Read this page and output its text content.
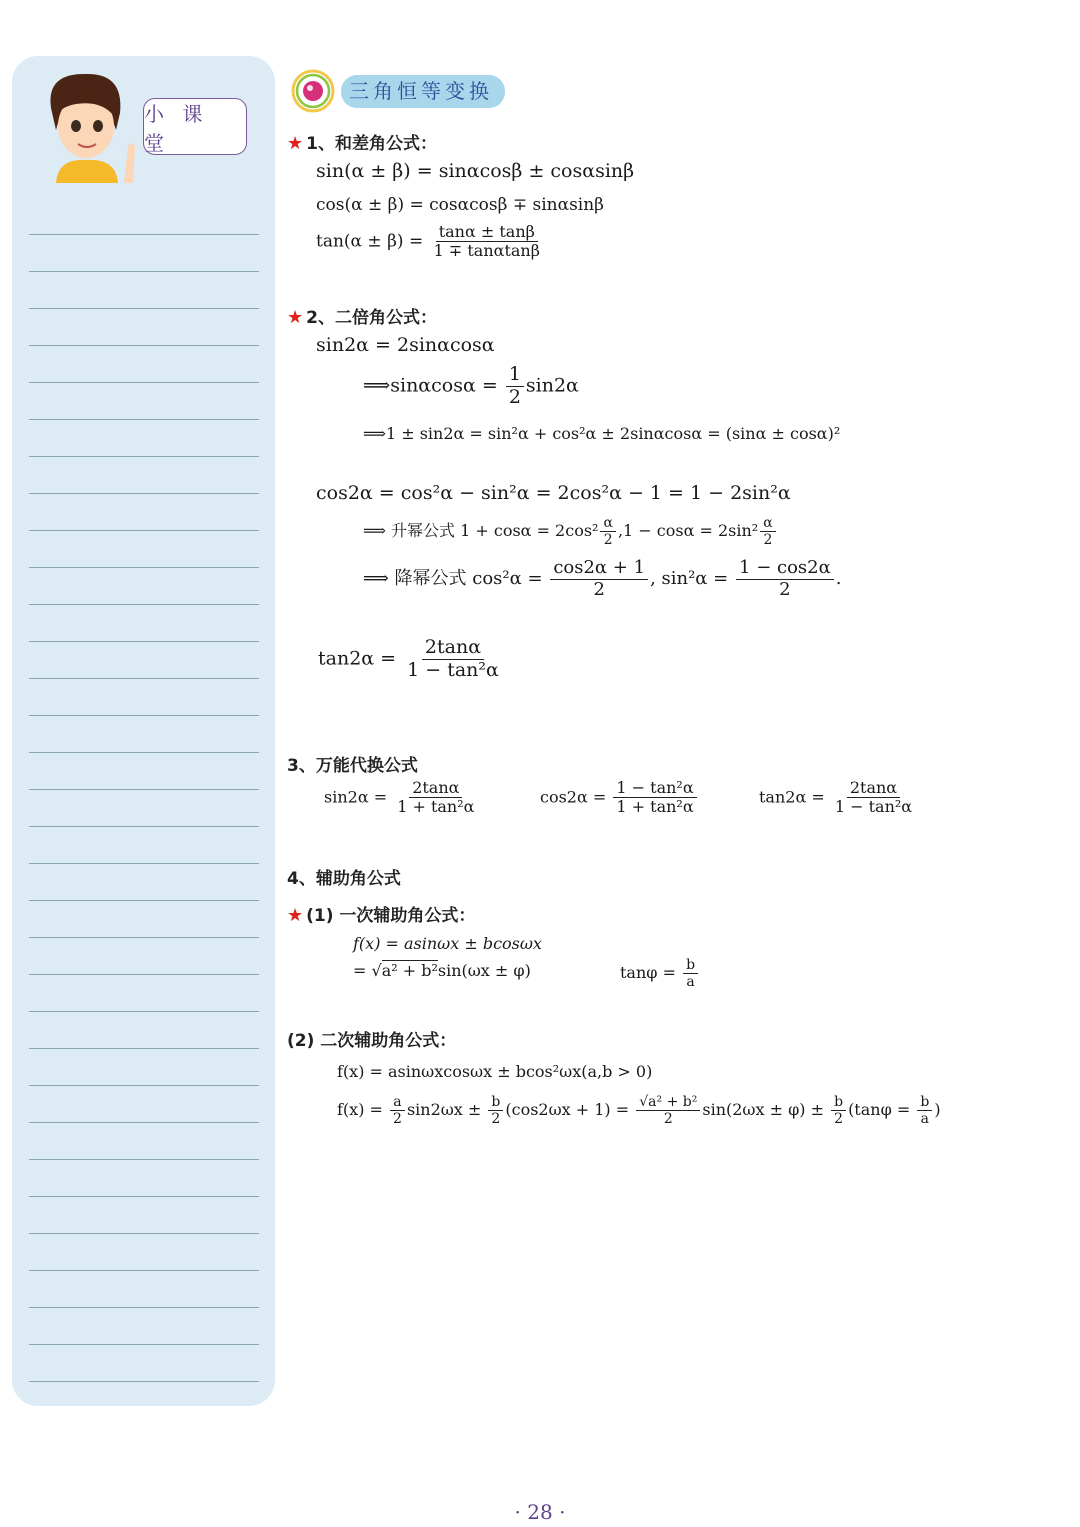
小 课 堂
三角恒等变换
★ 1、和差角公式：
sin(α ± β) = sinαcosβ ± cosαsinβ
cos(α ± β) = cosαcosβ ∓ sinαsinβ
$\tan(\alpha \pm \beta) = \frac{\tan\alpha \pm \tan\beta}{1 \mp \tan\alpha\tan\beta}$
★ 2、二倍角公式：
sin2α = 2sinαcosα
⟹sinαcosα = $\frac{1}{2} \sin 2\alpha$
⟹1 ± sin2α = sin²α + cos²α ± 2sinαcosα = (sinα ± cosα)²
cos2α = cos²α − sin²α = 2cos²α − 1 = 1 − 2sin²α
⟹ 升幂公式 $1 + \cos\alpha = 2\cos^2 \frac{\alpha}{2} ,1 - \cos\alpha = 2\sin^2 \frac{\alpha}{2}$
⟹ 降幂公式 $\cos^2\alpha = \frac{\cos 2\alpha + 1}{2}$ , $\sin^2\alpha = \frac{1 - \cos 2\alpha}{2}$ .
$\tan 2\alpha = \frac{2\tan\alpha}{\text{1 − tan²α}}$
3、万能代换公式
$\sin 2\alpha = \frac{2\tan\alpha}{\text{1 + tan²α}}$	$\cos 2\alpha = \frac{\text{1 − tan²α}}{\text{1 + tan²α}}$	$\tan 2\alpha = \frac{2\tan\alpha}{\text{1 − tan²α}}$
4、辅助角公式
★ (1) 一次辅助角公式：
f(x) = asinωx ± bcosωx
= √a² + b²sin(ωx ± φ)	$\tan\varphi = \frac{b}{a}$
(2) 二次辅助角公式：
f(x) = asinωxcosωx ± bcos²ωx(a,b > 0)
$f(x) = \frac{a}{2} \sin 2\omega x \pm \frac{b}{2} (\cos 2\omega x + 1) = \frac{\text{√a² + b²}}{2} \sin(2\omega x \pm \varphi) \pm \frac{b}{2} (\tan\varphi = \frac{b}{a}$ )
· 28 ·
